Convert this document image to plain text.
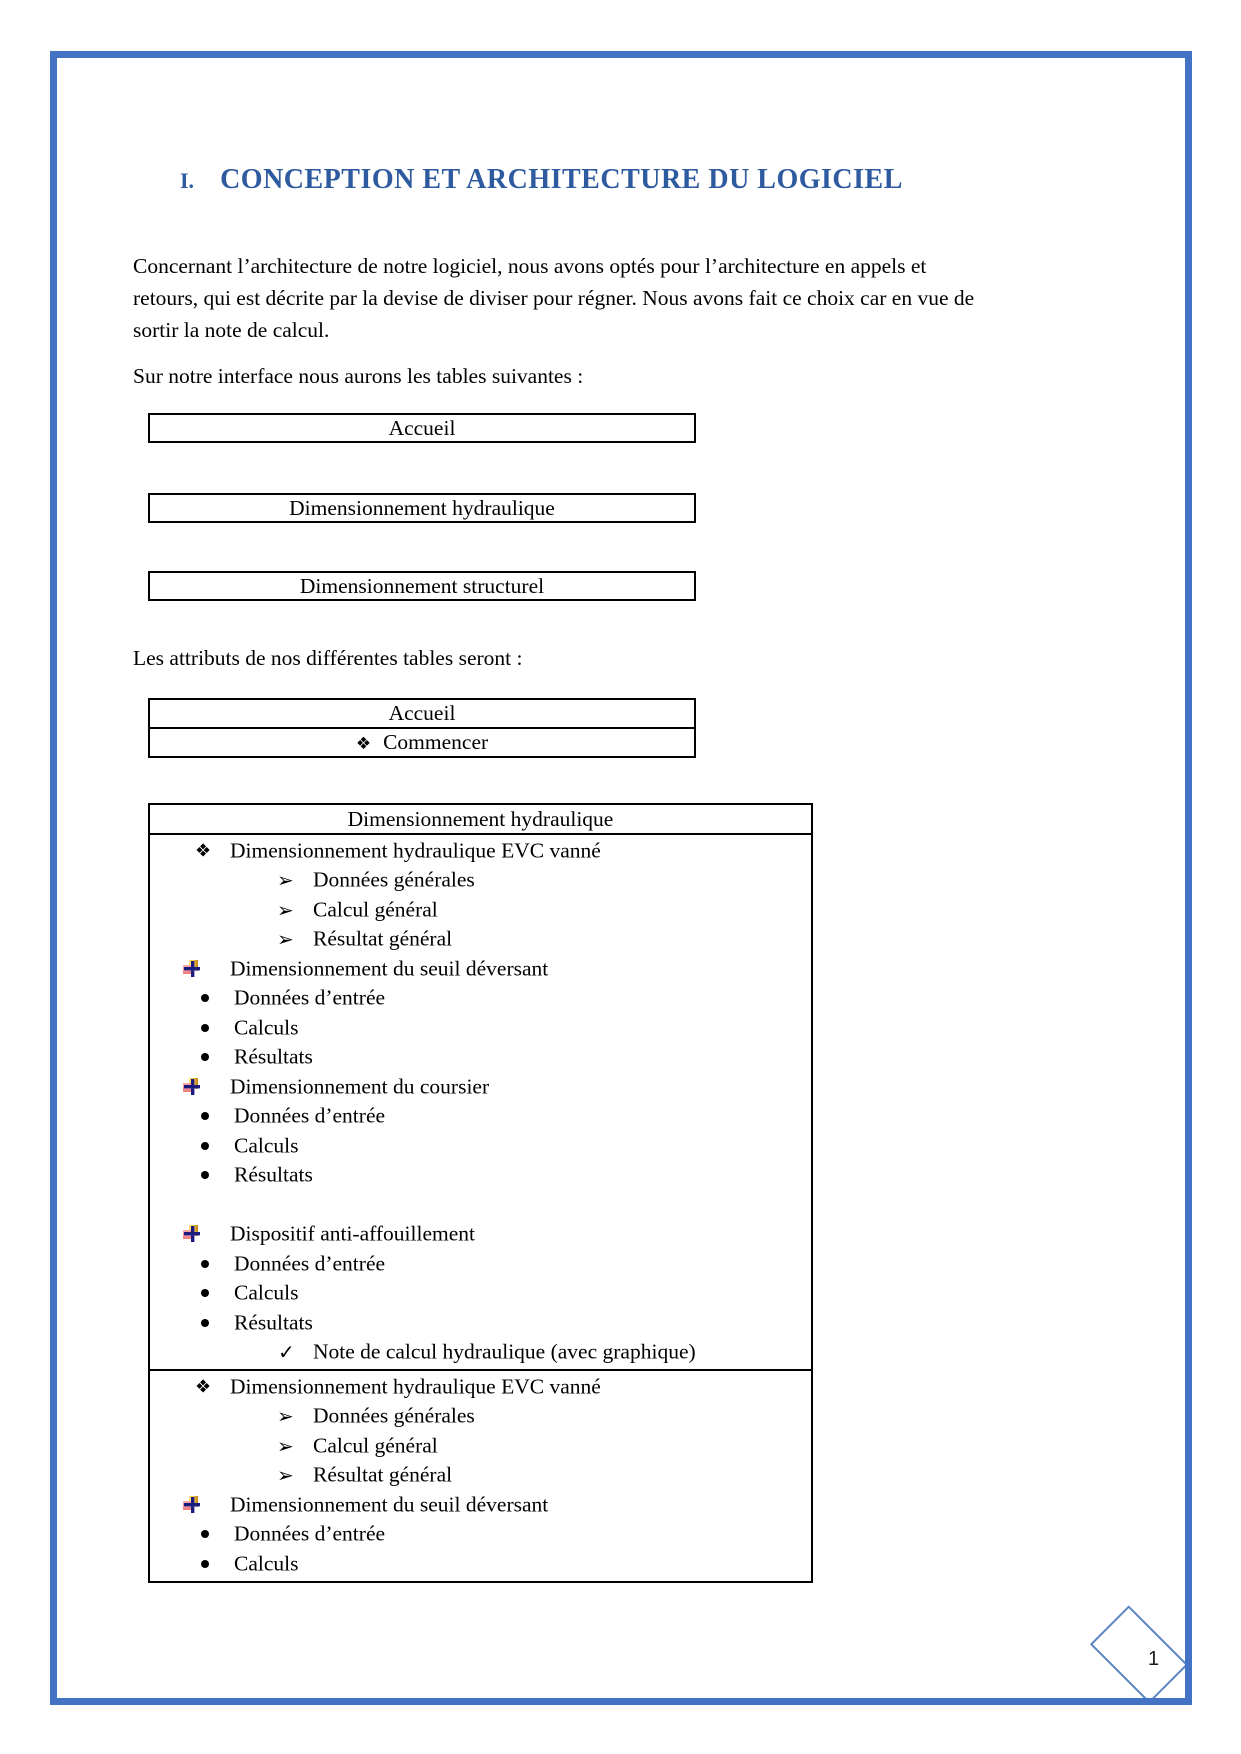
I. CONCEPTION ET ARCHITECTURE DU LOGICIEL
Concernant l’architecture de notre logiciel, nous avons optés pour l’architecture en appels et
retours, qui est décrite par la devise de diviser pour régner. Nous avons fait ce choix car en vue de
sortir la note de calcul.
Sur notre interface nous aurons les tables suivantes :
Accueil
Dimensionnement hydraulique
Dimensionnement structurel
Les attributs de nos différentes tables seront :
Accueil
❖ Commencer
Dimensionnement hydraulique
❖ Dimensionnement hydraulique EVC vanné
➢ Données générales
➢ Calcul général
➢ Résultat général
Dimensionnement du seuil déversant
Données d’entrée
Calculs
Résultats
Dimensionnement du coursier
Données d’entrée
Calculs
Résultats
Dispositif anti-affouillement
Données d’entrée
Calculs
Résultats
✓ Note de calcul hydraulique (avec graphique)
❖ Dimensionnement hydraulique EVC vanné
➢ Données générales
➢ Calcul général
➢ Résultat général
Dimensionnement du seuil déversant
Données d’entrée
Calculs
1
